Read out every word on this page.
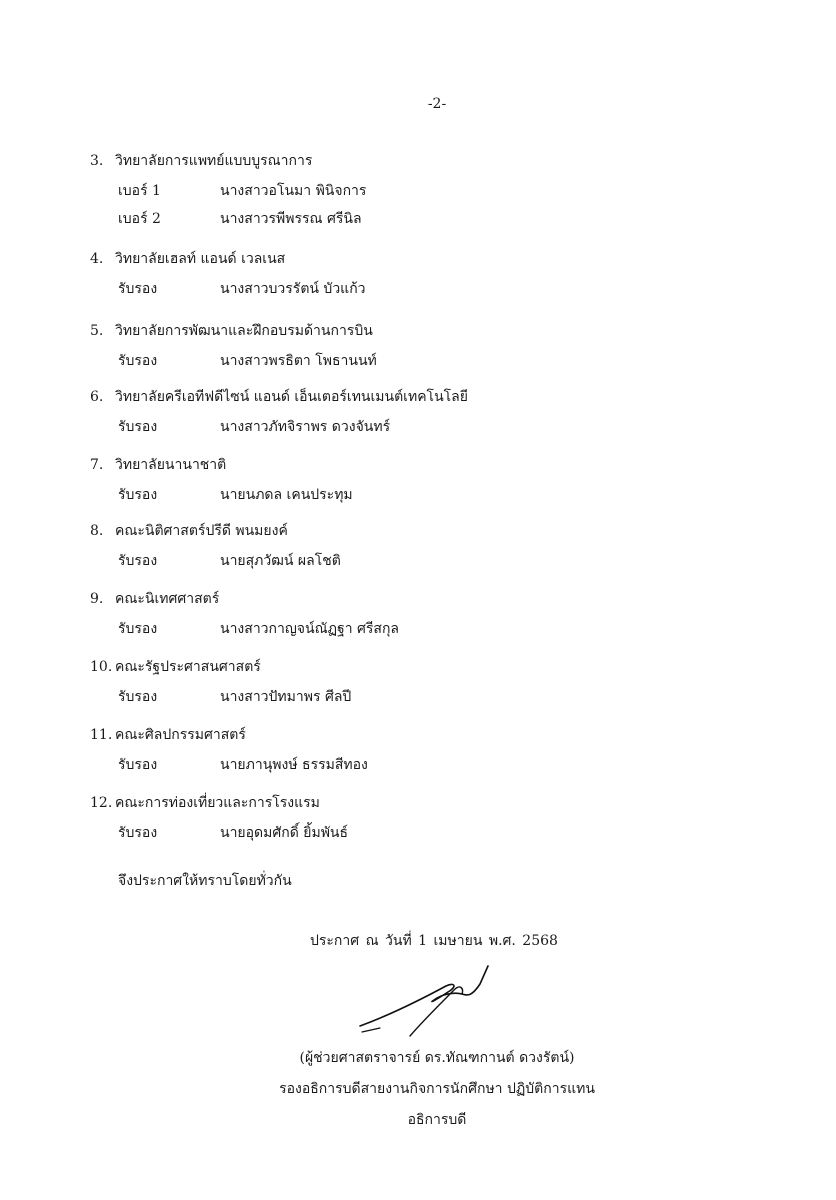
-2-
3. วิทยาลัยการแพทย์แบบบูรณาการ
เบอร์ 1	นางสาวอโนมา พินิจการ
เบอร์ 2	นางสาวรพีพรรณ ศรีนิล
4. วิทยาลัยเฮลท์ แอนด์ เวลเนส
รับรอง	นางสาวบวรรัตน์ บัวแก้ว
5. วิทยาลัยการพัฒนาและฝึกอบรมด้านการบิน
รับรอง	นางสาวพรธิตา โพธานนท์
6. วิทยาลัยครีเอทีฟดีไซน์ แอนด์ เอ็นเตอร์เทนเมนต์เทคโนโลยี
รับรอง	นางสาวภัทจิราพร ดวงจันทร์
7. วิทยาลัยนานาชาติ
รับรอง	นายนภดล เคนประทุม
8. คณะนิติศาสตร์ปรีดี พนมยงค์
รับรอง	นายสุภวัฒน์ ผลโชติ
9. คณะนิเทศศาสตร์
รับรอง	นางสาวกาญจน์ณัฏฐา ศรีสกุล
10. คณะรัฐประศาสนศาสตร์
รับรอง	นางสาวปัทมาพร ศีลปี
11. คณะศิลปกรรมศาสตร์
รับรอง	นายภานุพงษ์ ธรรมสีทอง
12. คณะการท่องเที่ยวและการโรงแรม
รับรอง	นายอุดมศักดิ์ ยิ้มพันธ์
จึงประกาศให้ทราบโดยทั่วกัน
ประกาศ ณ วันที่ 1 เมษายน พ.ศ. 2568
(ผู้ช่วยศาสตราจารย์ ดร.ทัณฑกานต์ ดวงรัตน์)
รองอธิการบดีสายงานกิจการนักศึกษา ปฏิบัติการแทน
อธิการบดี
